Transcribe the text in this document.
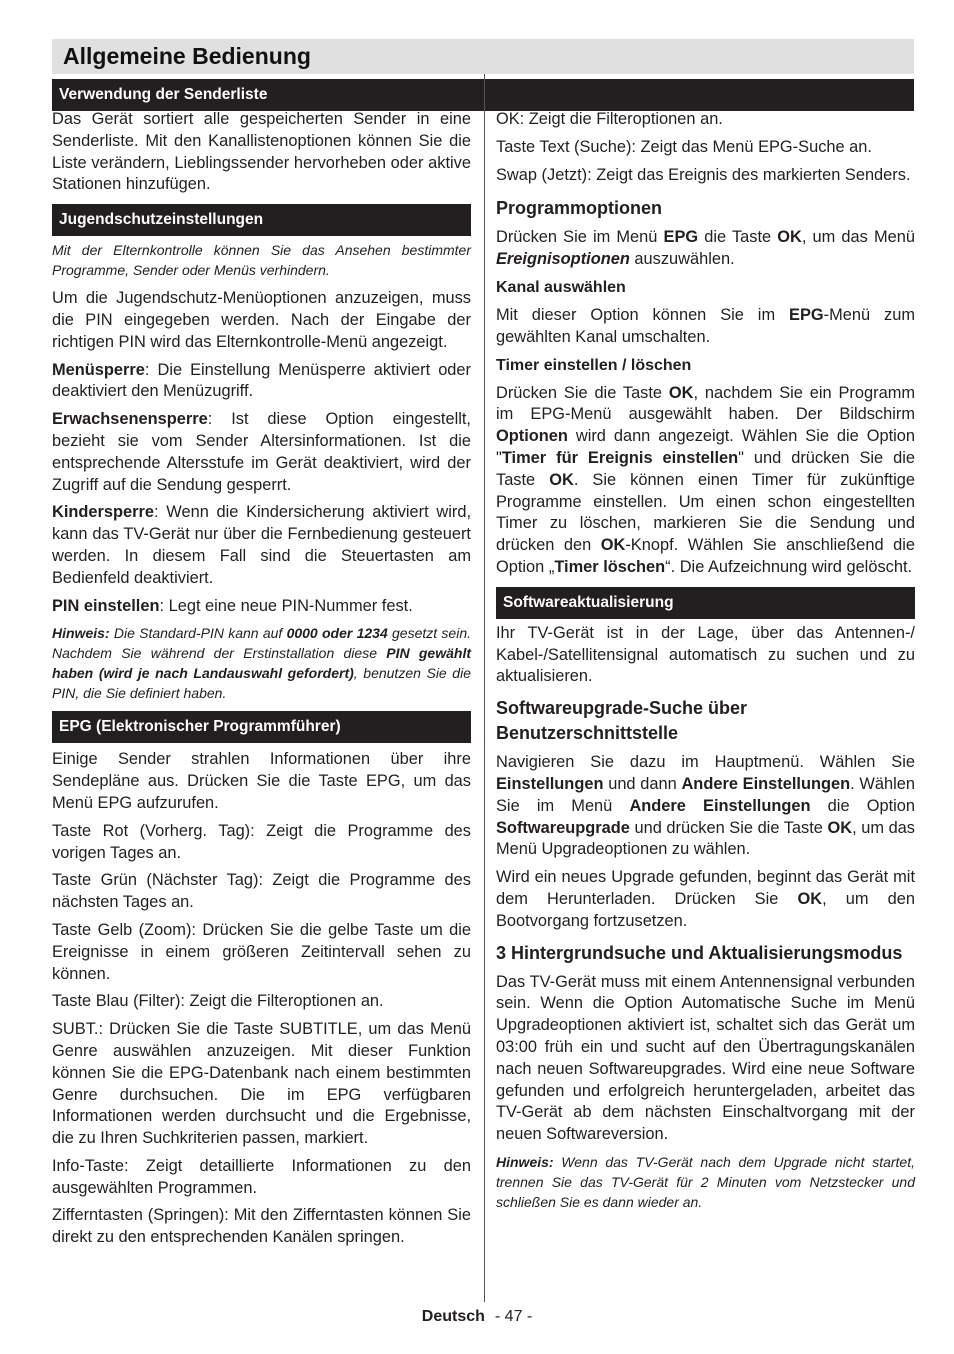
Allgemeine Bedienung
Verwendung der Senderliste

Das Gerät sortiert alle gespeicherten Sender in eine Senderliste. Mit den Kanallistenoptionen können Sie die Liste verändern, Lieblingssender hervorheben oder aktive Stationen hinzufügen.

Jugendschutzeinstellungen

Mit der Elternkontrolle können Sie das Ansehen bestimmter Programme, Sender oder Menüs verhindern.

Um die Jugendschutz-Menüoptionen anzuzeigen, muss die PIN eingegeben werden. Nach der Eingabe der richtigen PIN wird das Elternkontrolle-Menü angezeigt.

Menüsperre: Die Einstellung Menüsperre aktiviert oder deaktiviert den Menüzugriff.

Erwachsenensperre: Ist diese Option eingestellt, bezieht sie vom Sender Altersinformationen. Ist die entsprechende Altersstufe im Gerät deaktiviert, wird der Zugriff auf die Sendung gesperrt.

Kindersperre: Wenn die Kindersicherung aktiviert wird, kann das TV-Gerät nur über die Fernbedienung gesteuert werden. In diesem Fall sind die Steuertasten am Bedienfeld deaktiviert.

PIN einstellen: Legt eine neue PIN-Nummer fest.

Hinweis: Die Standard-PIN kann auf 0000 oder 1234 gesetzt sein. Nachdem Sie während der Erstinstallation diese PIN gewählt haben (wird je nach Landauswahl gefordert), benutzen Sie die PIN, die Sie definiert haben.

EPG (Elektronischer Programmführer)

Einige Sender strahlen Informationen über ihre Sendepläne aus. Drücken Sie die Taste EPG, um das Menü EPG aufzurufen.

Taste Rot (Vorherg. Tag): Zeigt die Programme des vorigen Tages an.

Taste Grün (Nächster Tag): Zeigt die Programme des nächsten Tages an.

Taste Gelb (Zoom): Drücken Sie die gelbe Taste um die Ereignisse in einem größeren Zeitintervall sehen zu können.

Taste Blau (Filter): Zeigt die Filteroptionen an.

SUBT.: Drücken Sie die Taste SUBTITLE, um das Menü Genre auswählen anzuzeigen. Mit dieser Funktion können Sie die EPG-Datenbank nach einem bestimmten Genre durchsuchen. Die im EPG verfügbaren Informationen werden durchsucht und die Ergebnisse, die zu Ihren Suchkriterien passen, markiert.

Info-Taste: Zeigt detaillierte Informationen zu den ausgewählten Programmen.

Zifferntasten (Springen): Mit den Zifferntasten können Sie direkt zu den entsprechenden Kanälen springen.

OK: Zeigt die Filteroptionen an.

Taste Text (Suche): Zeigt das Menü EPG-Suche an.

Swap (Jetzt): Zeigt das Ereignis des markierten Senders.

Programmoptionen

Drücken Sie im Menü EPG die Taste OK, um das Menü Ereignisoptionen auszuwählen.

Kanal auswählen

Mit dieser Option können Sie im EPG-Menü zum gewählten Kanal umschalten.

Timer einstellen / löschen

Drücken Sie die Taste OK, nachdem Sie ein Programm im EPG-Menü ausgewählt haben. Der Bildschirm Optionen wird dann angezeigt. Wählen Sie die Option "Timer für Ereignis einstellen" und drücken Sie die Taste OK. Sie können einen Timer für zukünftige Programme einstellen. Um einen schon eingestellten Timer zu löschen, markieren Sie die Sendung und drücken den OK-Knopf. Wählen Sie anschließend die Option „Timer löschen“. Die Aufzeichnung wird gelöscht.

Softwareaktualisierung

Ihr TV-Gerät ist in der Lage, über das Antennen-/ Kabel-/Satellitensignal automatisch zu suchen und zu aktualisieren.

Softwareupgrade-Suche über Benutzerschnittstelle

Navigieren Sie dazu im Hauptmenü. Wählen Sie Einstellungen und dann Andere Einstellungen. Wählen Sie im Menü Andere Einstellungen die Option Softwareupgrade und drücken Sie die Taste OK, um das Menü Upgradeoptionen zu wählen.

Wird ein neues Upgrade gefunden, beginnt das Gerät mit dem Herunterladen. Drücken Sie OK, um den Bootvorgang fortzusetzen.

3 Hintergrundsuche und Aktualisierungsmodus

Das TV-Gerät muss mit einem Antennensignal verbunden sein. Wenn die Option Automatische Suche im Menü Upgradeoptionen aktiviert ist, schaltet sich das Gerät um 03:00 früh ein und sucht auf den Übertragungskanälen nach neuen Softwareupgrades. Wird eine neue Software gefunden und erfolgreich heruntergeladen, arbeitet das TV-Gerät ab dem nächsten Einschaltvorgang mit der neuen Softwareversion.

Hinweis: Wenn das TV-Gerät nach dem Upgrade nicht startet, trennen Sie das TV-Gerät für 2 Minuten vom Netzstecker und schließen Sie es dann wieder an.

Deutsch - 47 -
